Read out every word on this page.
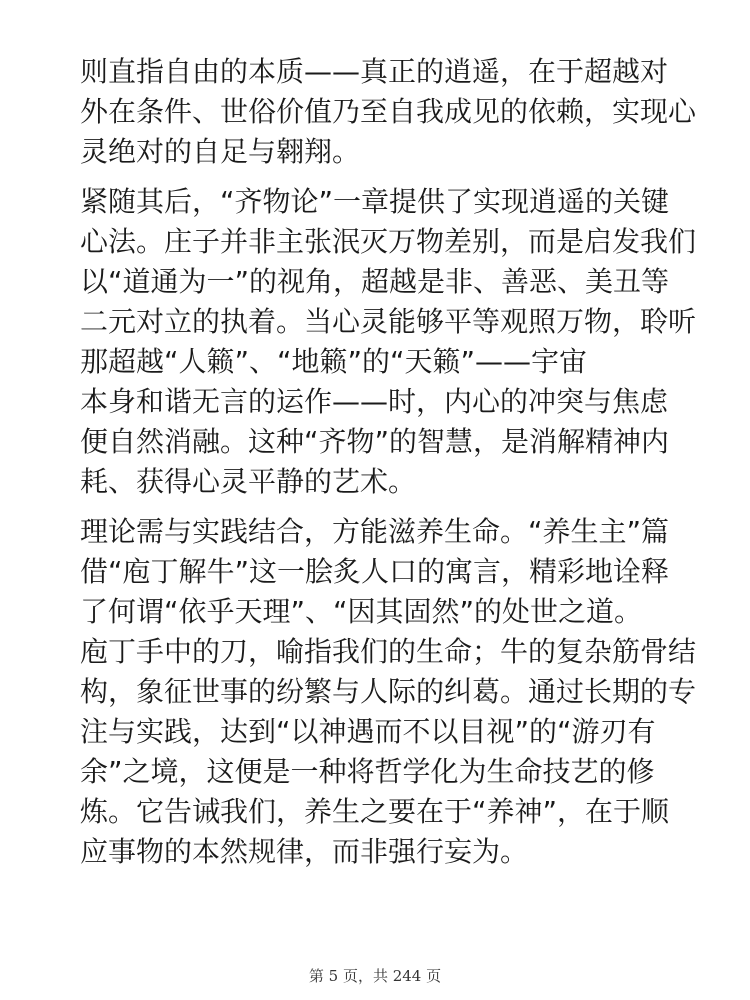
则直指自由的本质——真正的逍遥，在于超越对
外在条件、世俗价值乃至自我成见的依赖，实现心
灵绝对的自足与翱翔。
紧随其后，“齐物论”一章提供了实现逍遥的关键
心法。庄子并非主张泯灭万物差别，而是启发我们
以“道通为一”的视角，超越是非、善恶、美丑等
二元对立的执着。当心灵能够平等观照万物，聆听
那超越“人籁”、“地籁”的“天籁”——宇宙
本身和谐无言的运作——时，内心的冲突与焦虑
便自然消融。这种“齐物”的智慧，是消解精神内
耗、获得心灵平静的艺术。
理论需与实践结合，方能滋养生命。“养生主”篇
借“庖丁解牛”这一脍炙人口的寓言，精彩地诠释
了何谓“依乎天理”、“因其固然”的处世之道。
庖丁手中的刀，喻指我们的生命；牛的复杂筋骨结
构，象征世事的纷繁与人际的纠葛。通过长期的专
注与实践，达到“以神遇而不以目视”的“游刃有
余”之境，这便是一种将哲学化为生命技艺的修
炼。它告诫我们，养生之要在于“养神”，在于顺
应事物的本然规律，而非强行妄为。
第 5 页，共 244 页
